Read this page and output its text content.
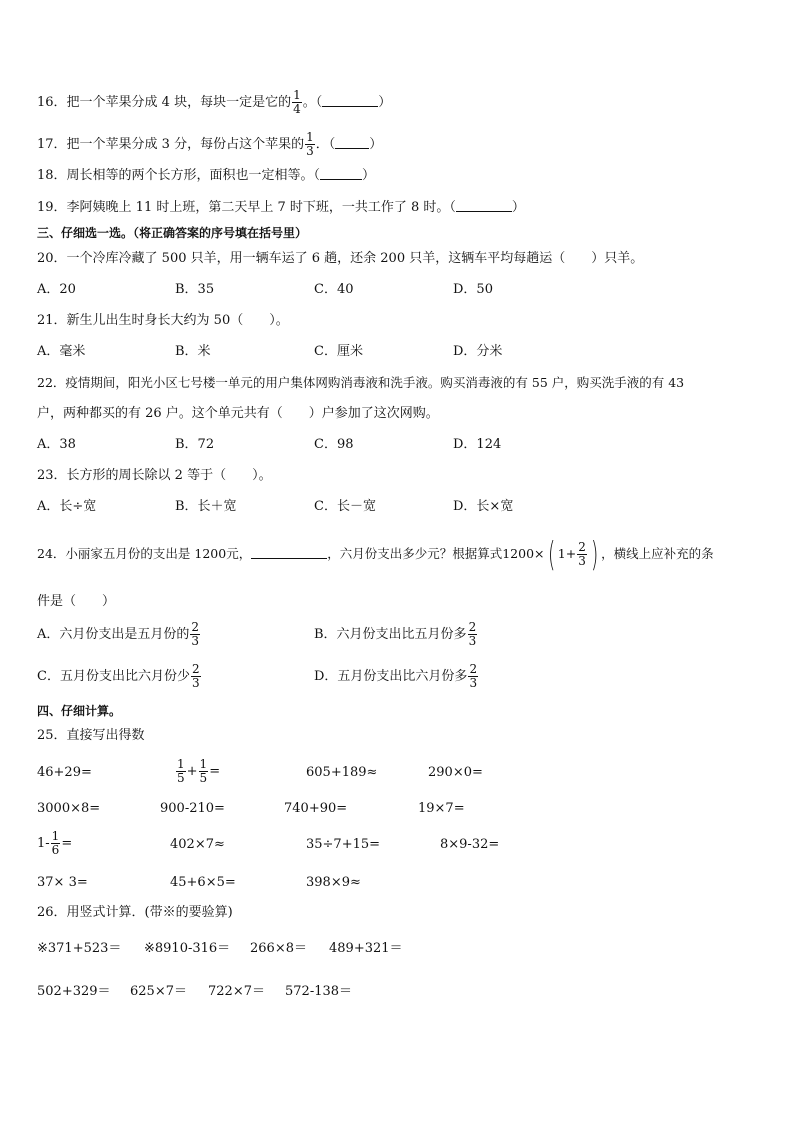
16．把一个苹果分成 4 块，每块一定是它的 $\frac{1}{4}$ 。（	）
17．把一个苹果分成 3 分，每份占这个苹果的 $\frac{1}{3}$ ．（	）
18．周长相等的两个长方形，面积也一定相等。（	）
19．李阿姨晚上 11 时上班，第二天早上 7 时下班，一共工作了 8 时。（	）
三、仔细选一选。（将正确答案的序号填在括号里）
20．一个冷库冷藏了 500 只羊，用一辆车运了 6 趟，还余 200 只羊，这辆车平均每趟运（　　）只羊。
A．20	B．35	C．40	D．50
21．新生儿出生时身长大约为 50（　　）。
A．毫米	B．米	C．厘米	D．分米
22．疫情期间，阳光小区七号楼一单元的用户集体网购消毒液和洗手液。购买消毒液的有 55 户，购买洗手液的有 43
户，两种都买的有 26 户。这个单元共有（　　）户参加了这次网购。
A．38	B．72	C．98	D．124
23．长方形的周长除以 2 等于（　　）。
A．长÷宽	B．长＋宽	C．长－宽	D．长×宽
24．小丽家五月份的支出是 1200元，	，六月份支出多少元？根据算式1200×( $1+ \frac{2}{3}$ ) ，横线上应补充的条
件是（　　）
A．六月份支出是五月份的 $\frac{2}{3}$	B．六月份支出比五月份多 $\frac{2}{3}$
C．五月份支出比六月份少 $\frac{2}{3}$	D．五月份支出比六月份多 $\frac{2}{3}$
四、仔细计算。
25．直接写出得数
46+29=	$\frac{1}{5} + \frac{1}{5}$ =	605+189≈	290×0=
3000×8=	900-210=	740+90=	19×7=
$1- \frac{1}{6}$ =	402×7≈	35÷7+15=	8×9-32=
37× 3=	45+6×5=	398×9≈
26．用竖式计算．(带※的要验算)
※371+523＝ ※8910-316＝ 266×8＝ 489+321＝
502+329＝ 625×7＝ 722×7＝ 572-138＝
